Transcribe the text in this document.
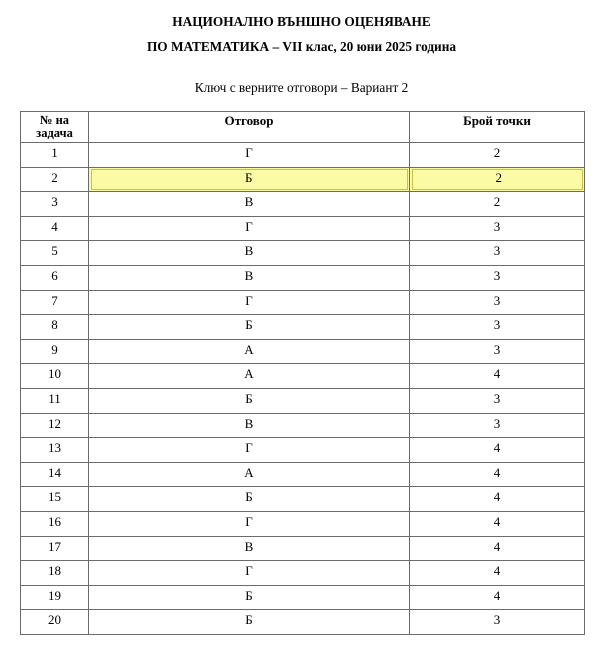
НАЦИОНАЛНО ВЪНШНО ОЦЕНЯВАНЕ
ПО МАТЕМАТИКА – VII клас, 20 юни 2025 година
Ключ с верните отговори – Вариант 2
№ на
задача	Отговор	Брой точки
1	Г	2
2	Б	2
3	В	2
4	Г	3
5	В	3
6	В	3
7	Г	3
8	Б	3
9	А	3
10	А	4
11	Б	3
12	В	3
13	Г	4
14	А	4
15	Б	4
16	Г	4
17	В	4
18	Г	4
19	Б	4
20	Б	3
